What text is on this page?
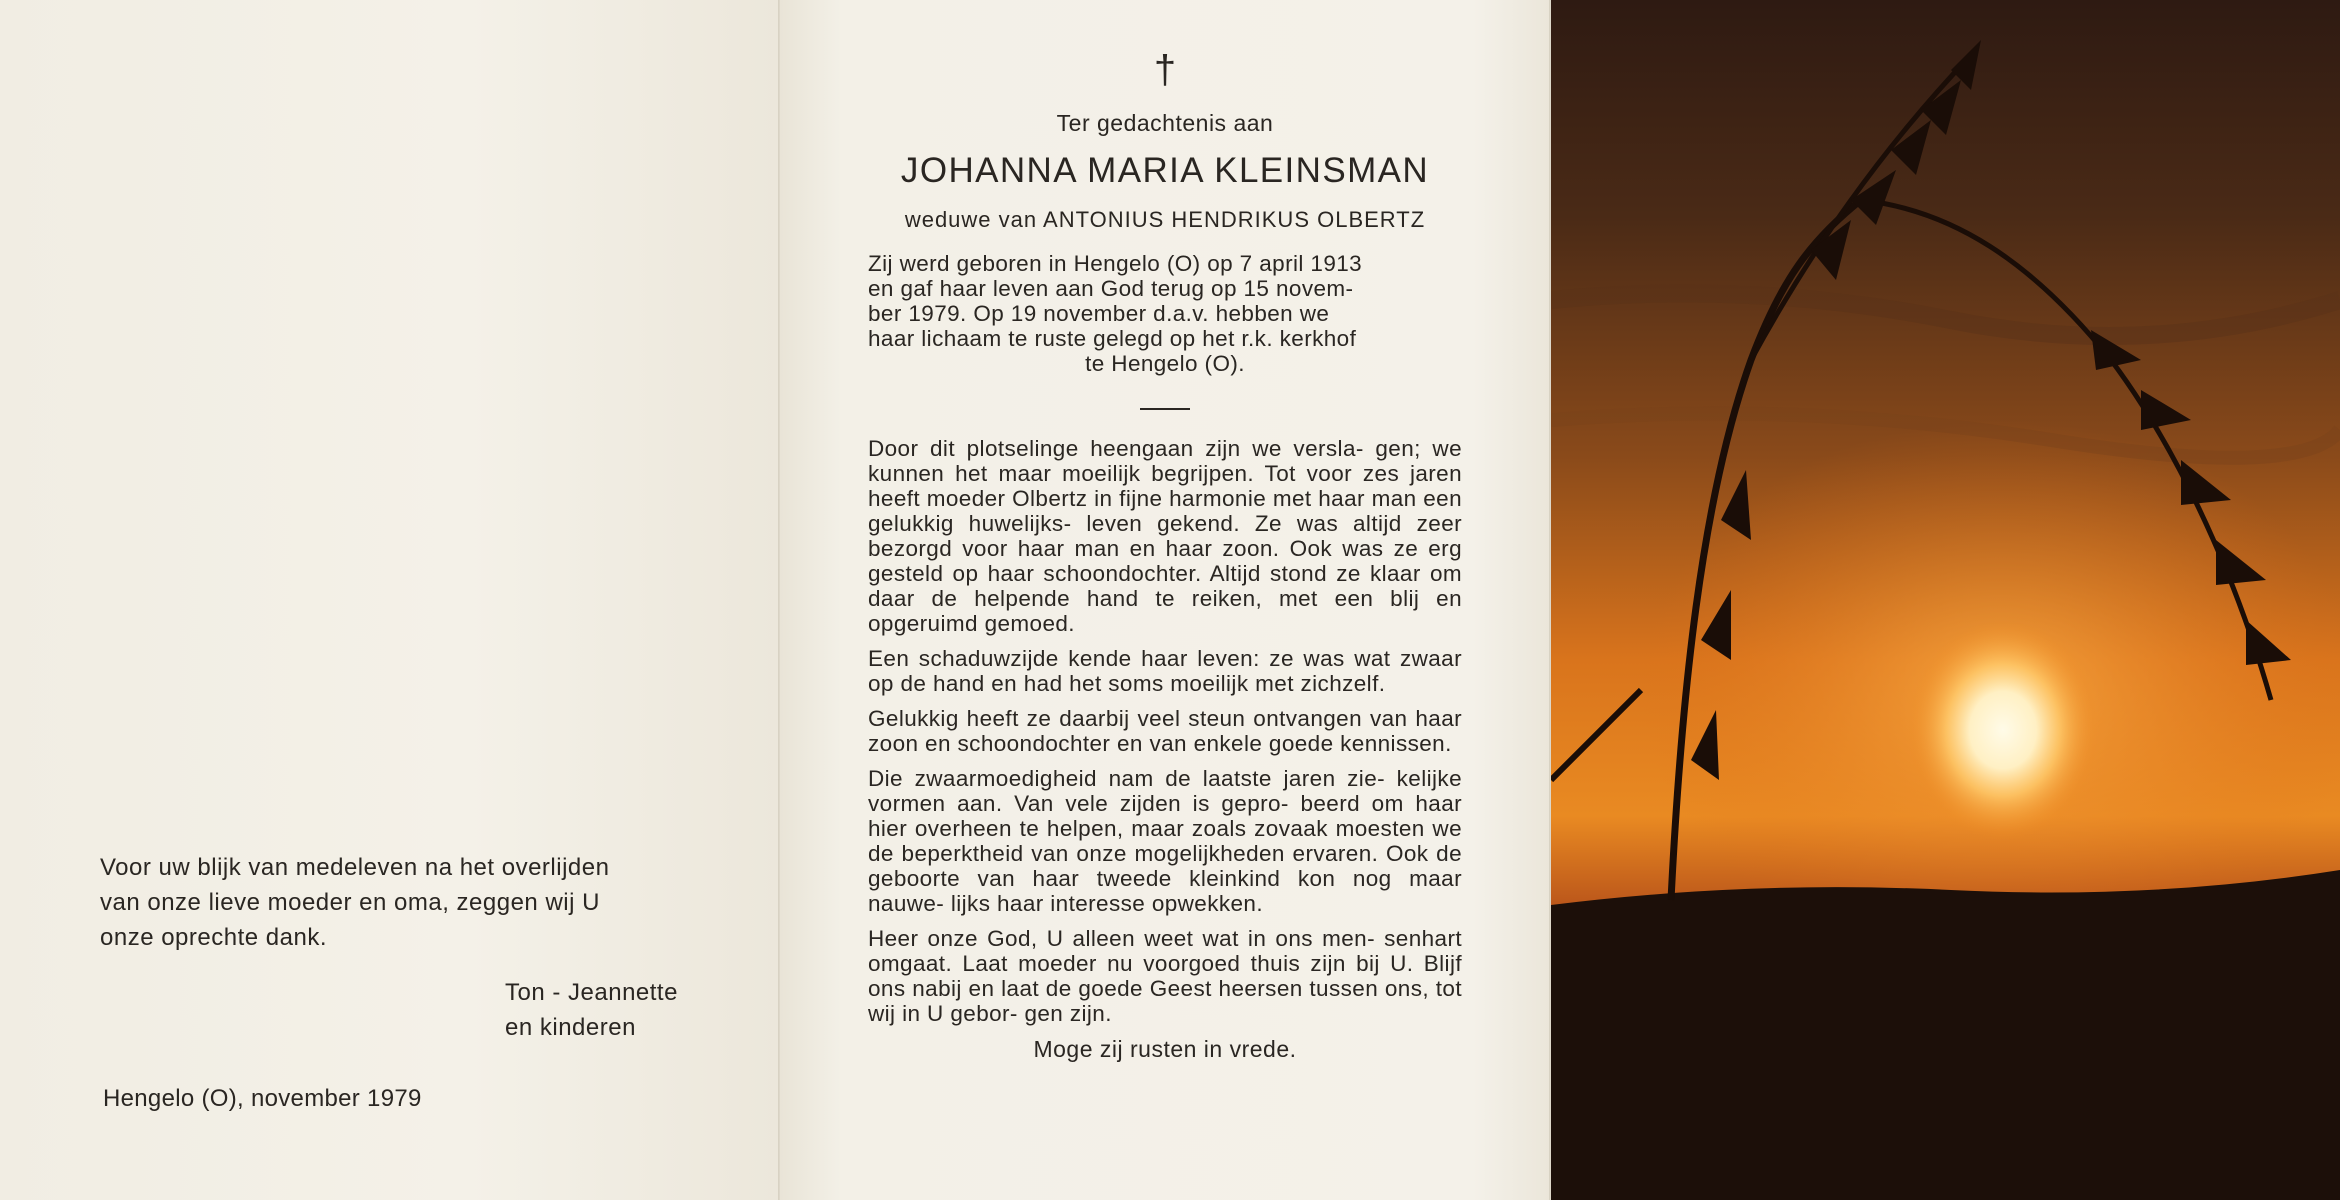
Voor uw blijk van medeleven na het overlijden

van onze lieve moeder en oma, zeggen wij U

onze oprechte dank.

Ton - Jeannette
en kinderen
Hengelo (O), november 1979
†
Ter gedachtenis aan
JOHANNA MARIA KLEINSMAN
weduwe van ANTONIUS HENDRIKUS OLBERTZ
Zij werd geboren in Hengelo (O) op 7 april 1913
en gaf haar leven aan God terug op 15 novem-
ber 1979. Op 19 november d.a.v. hebben we
haar lichaam te ruste gelegd op het r.k. kerkhof
te Hengelo (O).

Door dit plotselinge heengaan zijn we versla- gen; we kunnen het maar moeilijk begrijpen. Tot voor zes jaren heeft moeder Olbertz in fijne harmonie met haar man een gelukkig huwelijks- leven gekend. Ze was altijd zeer bezorgd voor haar man en haar zoon. Ook was ze erg gesteld op haar schoondochter. Altijd stond ze klaar om daar de helpende hand te reiken, met een blij en opgeruimd gemoed.

Een schaduwzijde kende haar leven: ze was wat zwaar op de hand en had het soms moeilijk met zichzelf.

Gelukkig heeft ze daarbij veel steun ontvangen van haar zoon en schoondochter en van enkele goede kennissen.

Die zwaarmoedigheid nam de laatste jaren zie- kelijke vormen aan. Van vele zijden is gepro- beerd om haar hier overheen te helpen, maar zoals zovaak moesten we de beperktheid van onze mogelijkheden ervaren. Ook de geboorte van haar tweede kleinkind kon nog maar nauwe- lijks haar interesse opwekken.

Heer onze God, U alleen weet wat in ons men- senhart omgaat. Laat moeder nu voorgoed thuis zijn bij U. Blijf ons nabij en laat de goede Geest heersen tussen ons, tot wij in U gebor- gen zijn.

Moge zij rusten in vrede.
